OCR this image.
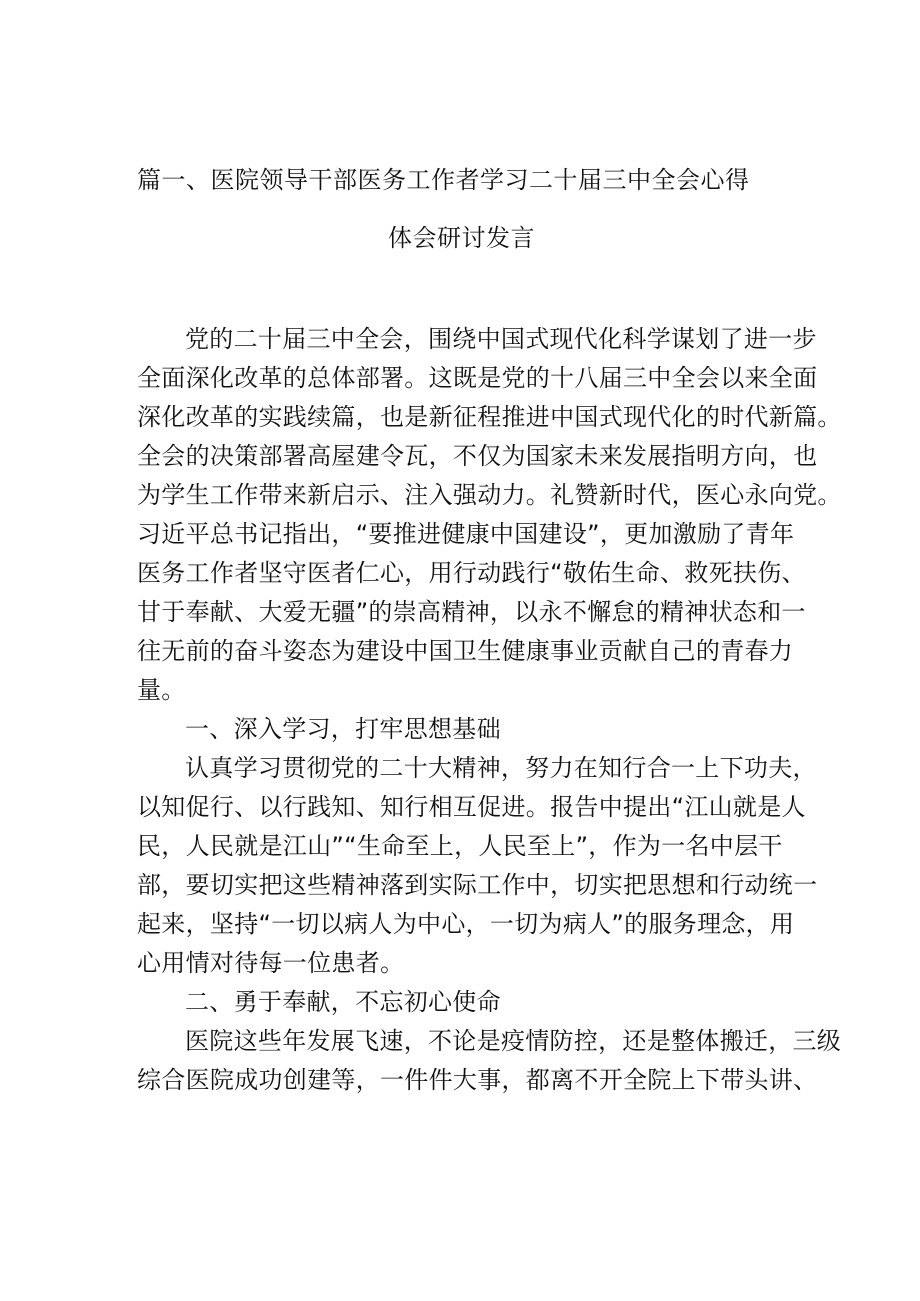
篇一、医院领导干部医务工作者学习二十届三中全会心得
体会研讨发言
党的二十届三中全会，围绕中国式现代化科学谋划了进一步
全面深化改革的总体部署。这既是党的十八届三中全会以来全面
深化改革的实践续篇，也是新征程推进中国式现代化的时代新篇。
全会的决策部署高屋建令瓦，不仅为国家未来发展指明方向，也
为学生工作带来新启示、注入强动力。礼赞新时代，医心永向党。
习近平总书记指出，“要推进健康中国建设”，更加激励了青年
医务工作者坚守医者仁心，用行动践行“敬佑生命、救死扶伤、
甘于奉献、大爱无疆”的崇高精神，以永不懈怠的精神状态和一
往无前的奋斗姿态为建设中国卫生健康事业贡献自己的青春力
量。
一、深入学习，打牢思想基础
认真学习贯彻党的二十大精神，努力在知行合一上下功夫，
以知促行、以行践知、知行相互促进。报告中提出“江山就是人
民，人民就是江山”“生命至上，人民至上”，作为一名中层干
部，要切实把这些精神落到实际工作中，切实把思想和行动统一
起来，坚持“一切以病人为中心，一切为病人”的服务理念，用
心用情对待每一位患者。
二、勇于奉献，不忘初心使命
医院这些年发展飞速，不论是疫情防控，还是整体搬迁，三级
综合医院成功创建等，一件件大事，都离不开全院上下带头讲、
